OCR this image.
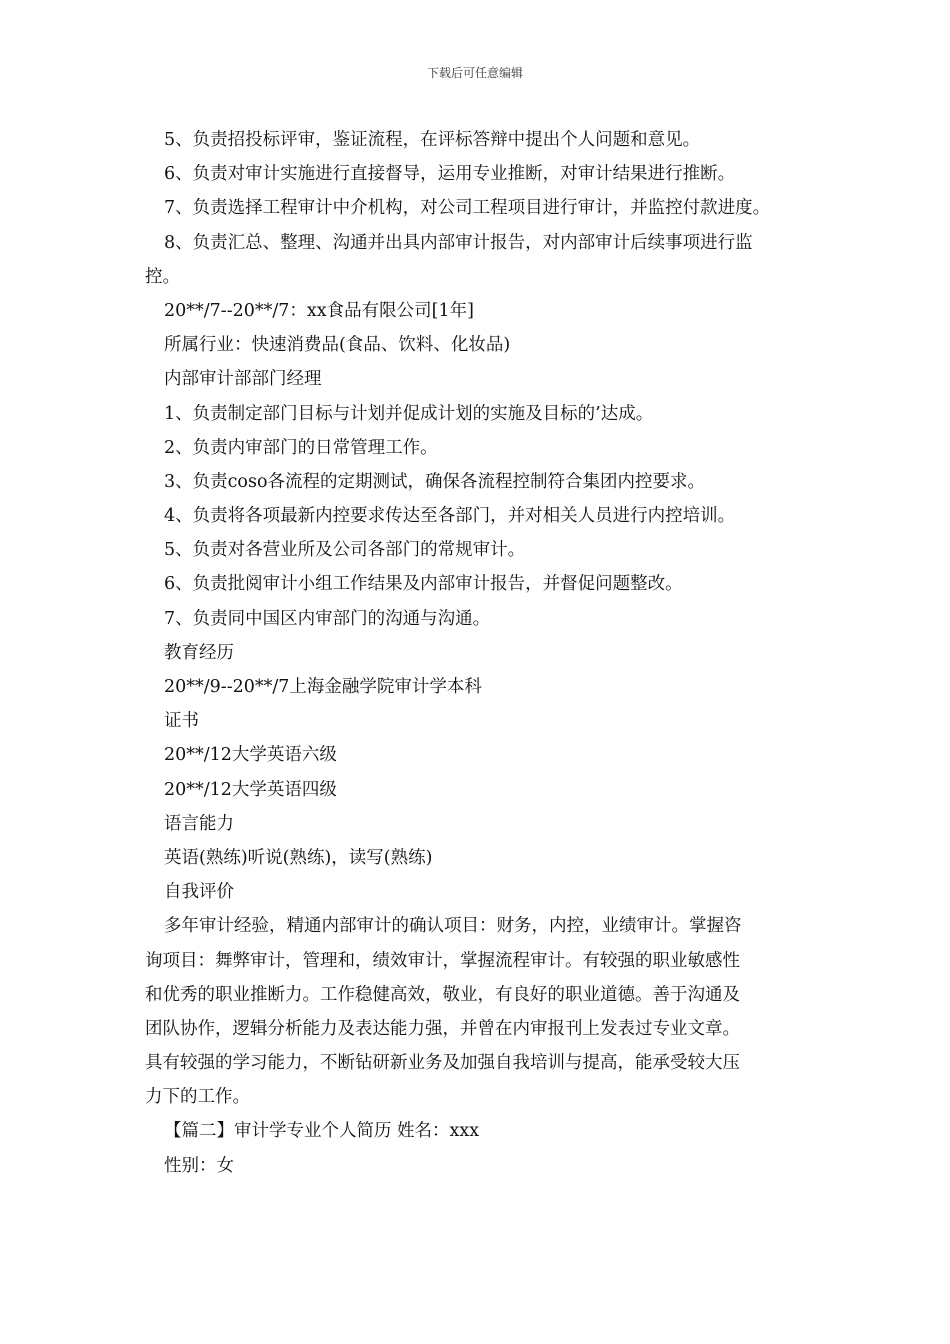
下载后可任意编辑
5、负责招投标评审，鉴证流程，在评标答辩中提出个人问题和意见。
6、负责对审计实施进行直接督导，运用专业推断，对审计结果进行推断。
7、负责选择工程审计中介机构，对公司工程项目进行审计，并监控付款进度。
8、负责汇总、整理、沟通并出具内部审计报告，对内部审计后续事项进行监
控。
20**/7--20**/7：xx食品有限公司[1年]
所属行业：快速消费品(食品、饮料、化妆品)
内部审计部部门经理
1、负责制定部门目标与计划并促成计划的实施及目标的’达成。
2、负责内审部门的日常管理工作。
3、负责coso各流程的定期测试，确保各流程控制符合集团内控要求。
4、负责将各项最新内控要求传达至各部门，并对相关人员进行内控培训。
5、负责对各营业所及公司各部门的常规审计。
6、负责批阅审计小组工作结果及内部审计报告，并督促问题整改。
7、负责同中国区内审部门的沟通与沟通。
教育经历
20**/9--20**/7上海金融学院审计学本科
证书
20**/12大学英语六级
20**/12大学英语四级
语言能力
英语(熟练)听说(熟练)，读写(熟练)
自我评价
多年审计经验，精通内部审计的确认项目：财务，内控，业绩审计。掌握咨
询项目：舞弊审计，管理和，绩效审计，掌握流程审计。有较强的职业敏感性
和优秀的职业推断力。工作稳健高效，敬业，有良好的职业道德。善于沟通及
团队协作，逻辑分析能力及表达能力强，并曾在内审报刊上发表过专业文章。
具有较强的学习能力，不断钻研新业务及加强自我培训与提高，能承受较大压
力下的工作。
【篇二】审计学专业个人简历 姓名：xxx
性别：女
